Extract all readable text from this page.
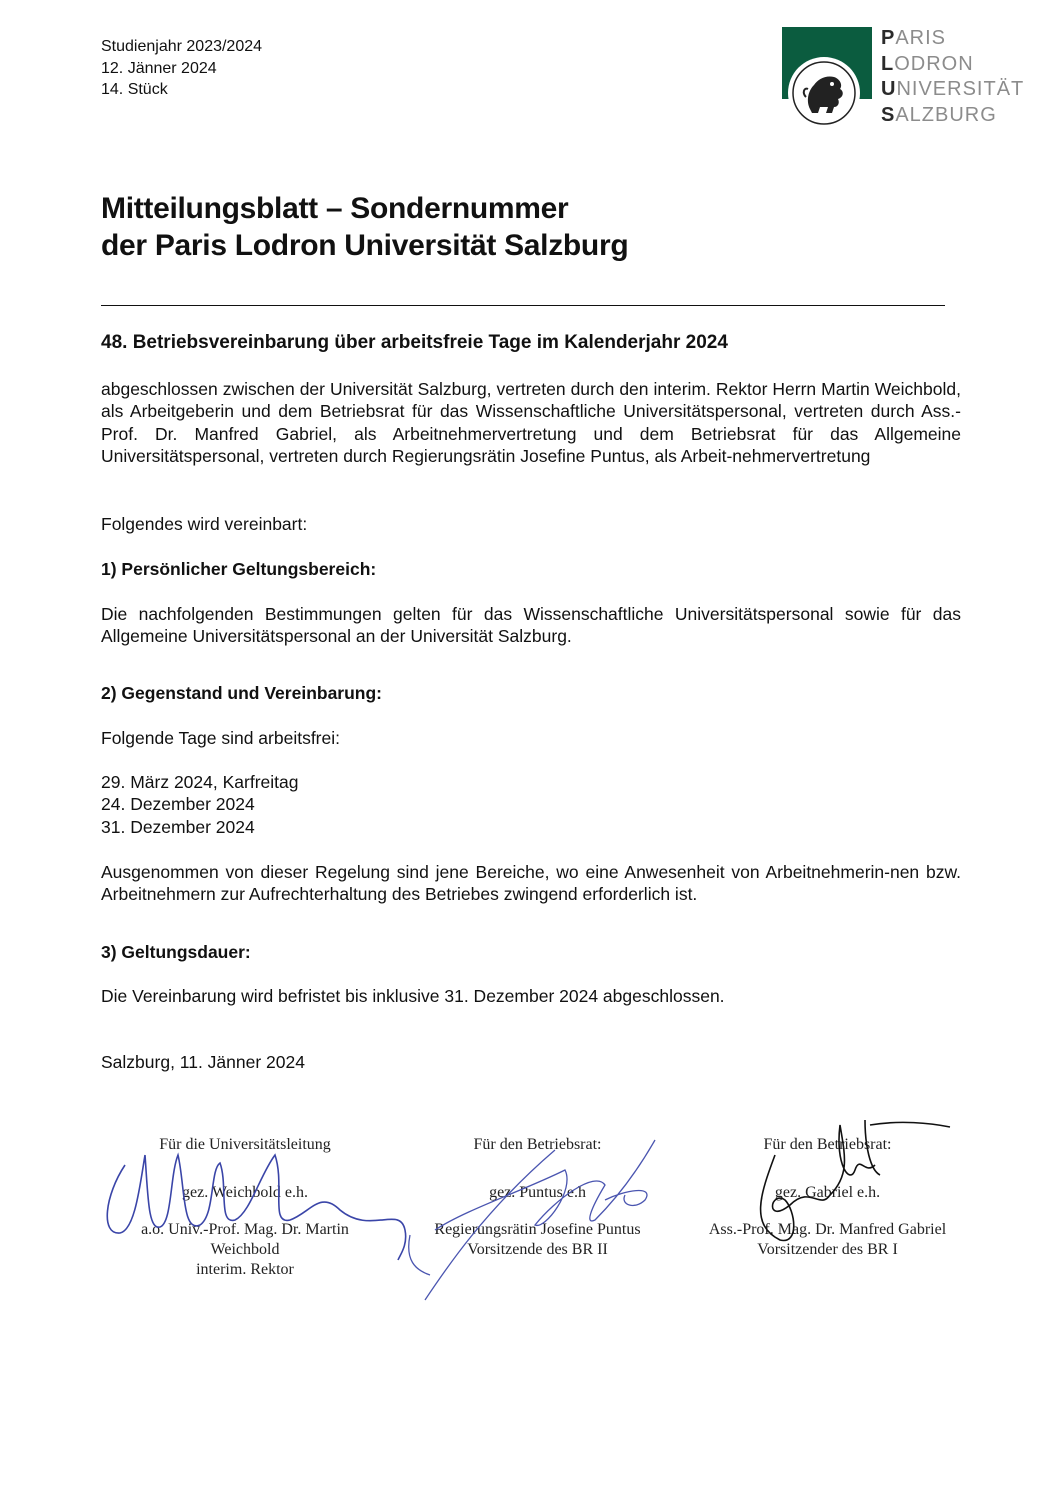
Studienjahr 2023/2024
12. Jänner 2024
14. Stück
PARIS
LODRON
UNIVERSITÄT
SALZBURG
Mitteilungsblatt – Sondernummer
der Paris Lodron Universität Salzburg
48. Betriebsvereinbarung über arbeitsfreie Tage im Kalenderjahr 2024
abgeschlossen zwischen der Universität Salzburg, vertreten durch den interim. Rektor Herrn Martin Weichbold, als Arbeitgeberin und dem Betriebsrat für das Wissenschaftliche Universitätspersonal, vertreten durch Ass.-Prof. Dr. Manfred Gabriel, als Arbeitnehmervertretung und dem Betriebsrat für das Allgemeine Universitätspersonal, vertreten durch Regierungsrätin Josefine Puntus, als Arbeit-nehmervertretung
Folgendes wird vereinbart:
1) Persönlicher Geltungsbereich:
Die nachfolgenden Bestimmungen gelten für das Wissenschaftliche Universitätspersonal sowie für das Allgemeine Universitätspersonal an der Universität Salzburg.
2) Gegenstand und Vereinbarung:
Folgende Tage sind arbeitsfrei:
29. März 2024, Karfreitag
24. Dezember 2024
31. Dezember 2024
Ausgenommen von dieser Regelung sind jene Bereiche, wo eine Anwesenheit von Arbeitnehmerin-nen bzw. Arbeitnehmern zur Aufrechterhaltung des Betriebes zwingend erforderlich ist.
3) Geltungsdauer:
Die Vereinbarung wird befristet bis inklusive 31. Dezember 2024 abgeschlossen.
Salzburg, 11. Jänner 2024
Für die Universitätsleitung
gez. Weichbold e.h.
a.o. Univ.-Prof. Mag. Dr. Martin
Weichbold
interim. Rektor
Für den Betriebsrat:
gez. Puntus e.h
Regierungsrätin Josefine Puntus
Vorsitzende des BR II
Für den Betriebsrat:
gez. Gabriel e.h.
Ass.-Prof. Mag. Dr. Manfred Gabriel
Vorsitzender des BR I
